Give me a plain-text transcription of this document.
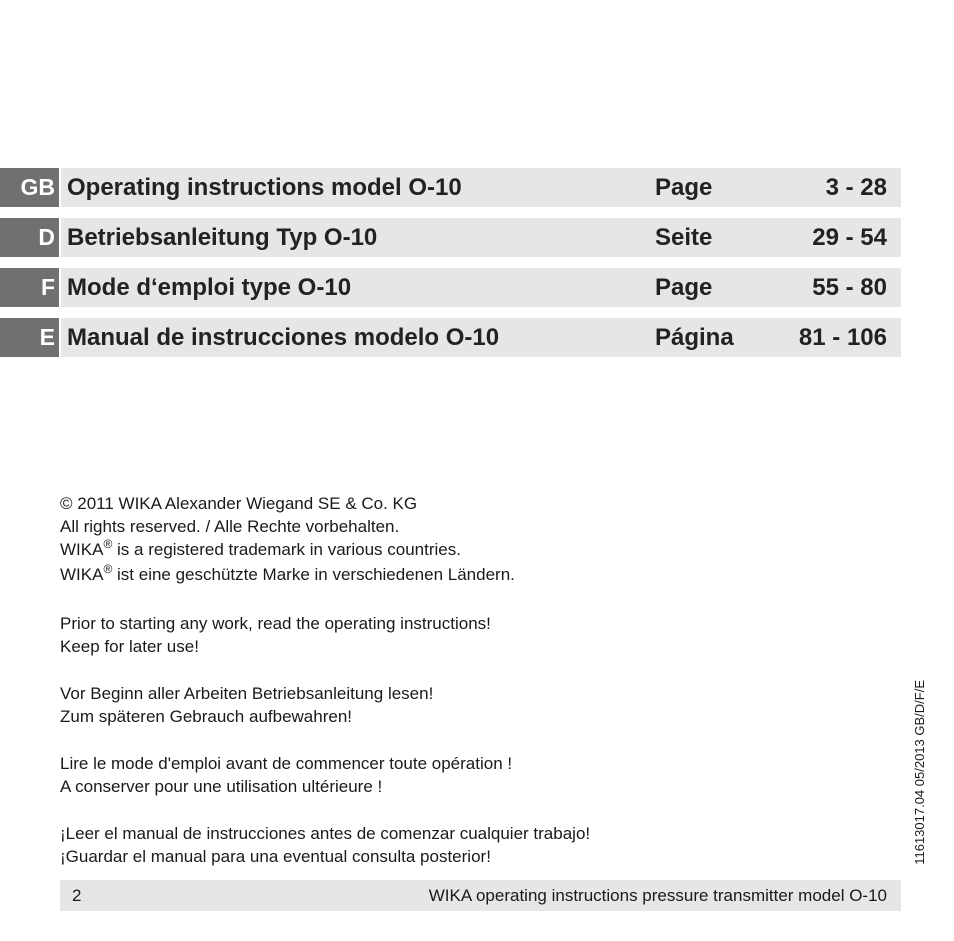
GB Operating instructions model O-10	Page	3 - 28
D Betriebsanleitung Typ O-10	Seite	29 - 54
F Mode d‘emploi type O-10	Page	55 - 80
E Manual de instrucciones modelo O-10	Página	81 - 106

© 2011 WIKA Alexander Wiegand SE & Co. KG
All rights reserved. / Alle Rechte vorbehalten.
WIKA® is a registered trademark in various countries.
WIKA® ist eine geschützte Marke in verschiedenen Ländern.

Prior to starting any work, read the operating instructions!
Keep for later use!

Vor Beginn aller Arbeiten Betriebsanleitung lesen!
Zum späteren Gebrauch aufbewahren!

Lire le mode d'emploi avant de commencer toute opération !
A conserver pour une utilisation ultérieure !

¡Leer el manual de instrucciones antes de comenzar cualquier trabajo!
¡Guardar el manual para una eventual consulta posterior!

2	WIKA operating instructions pressure transmitter model O-10
11613017.04 05/2013 GB/D/F/E
